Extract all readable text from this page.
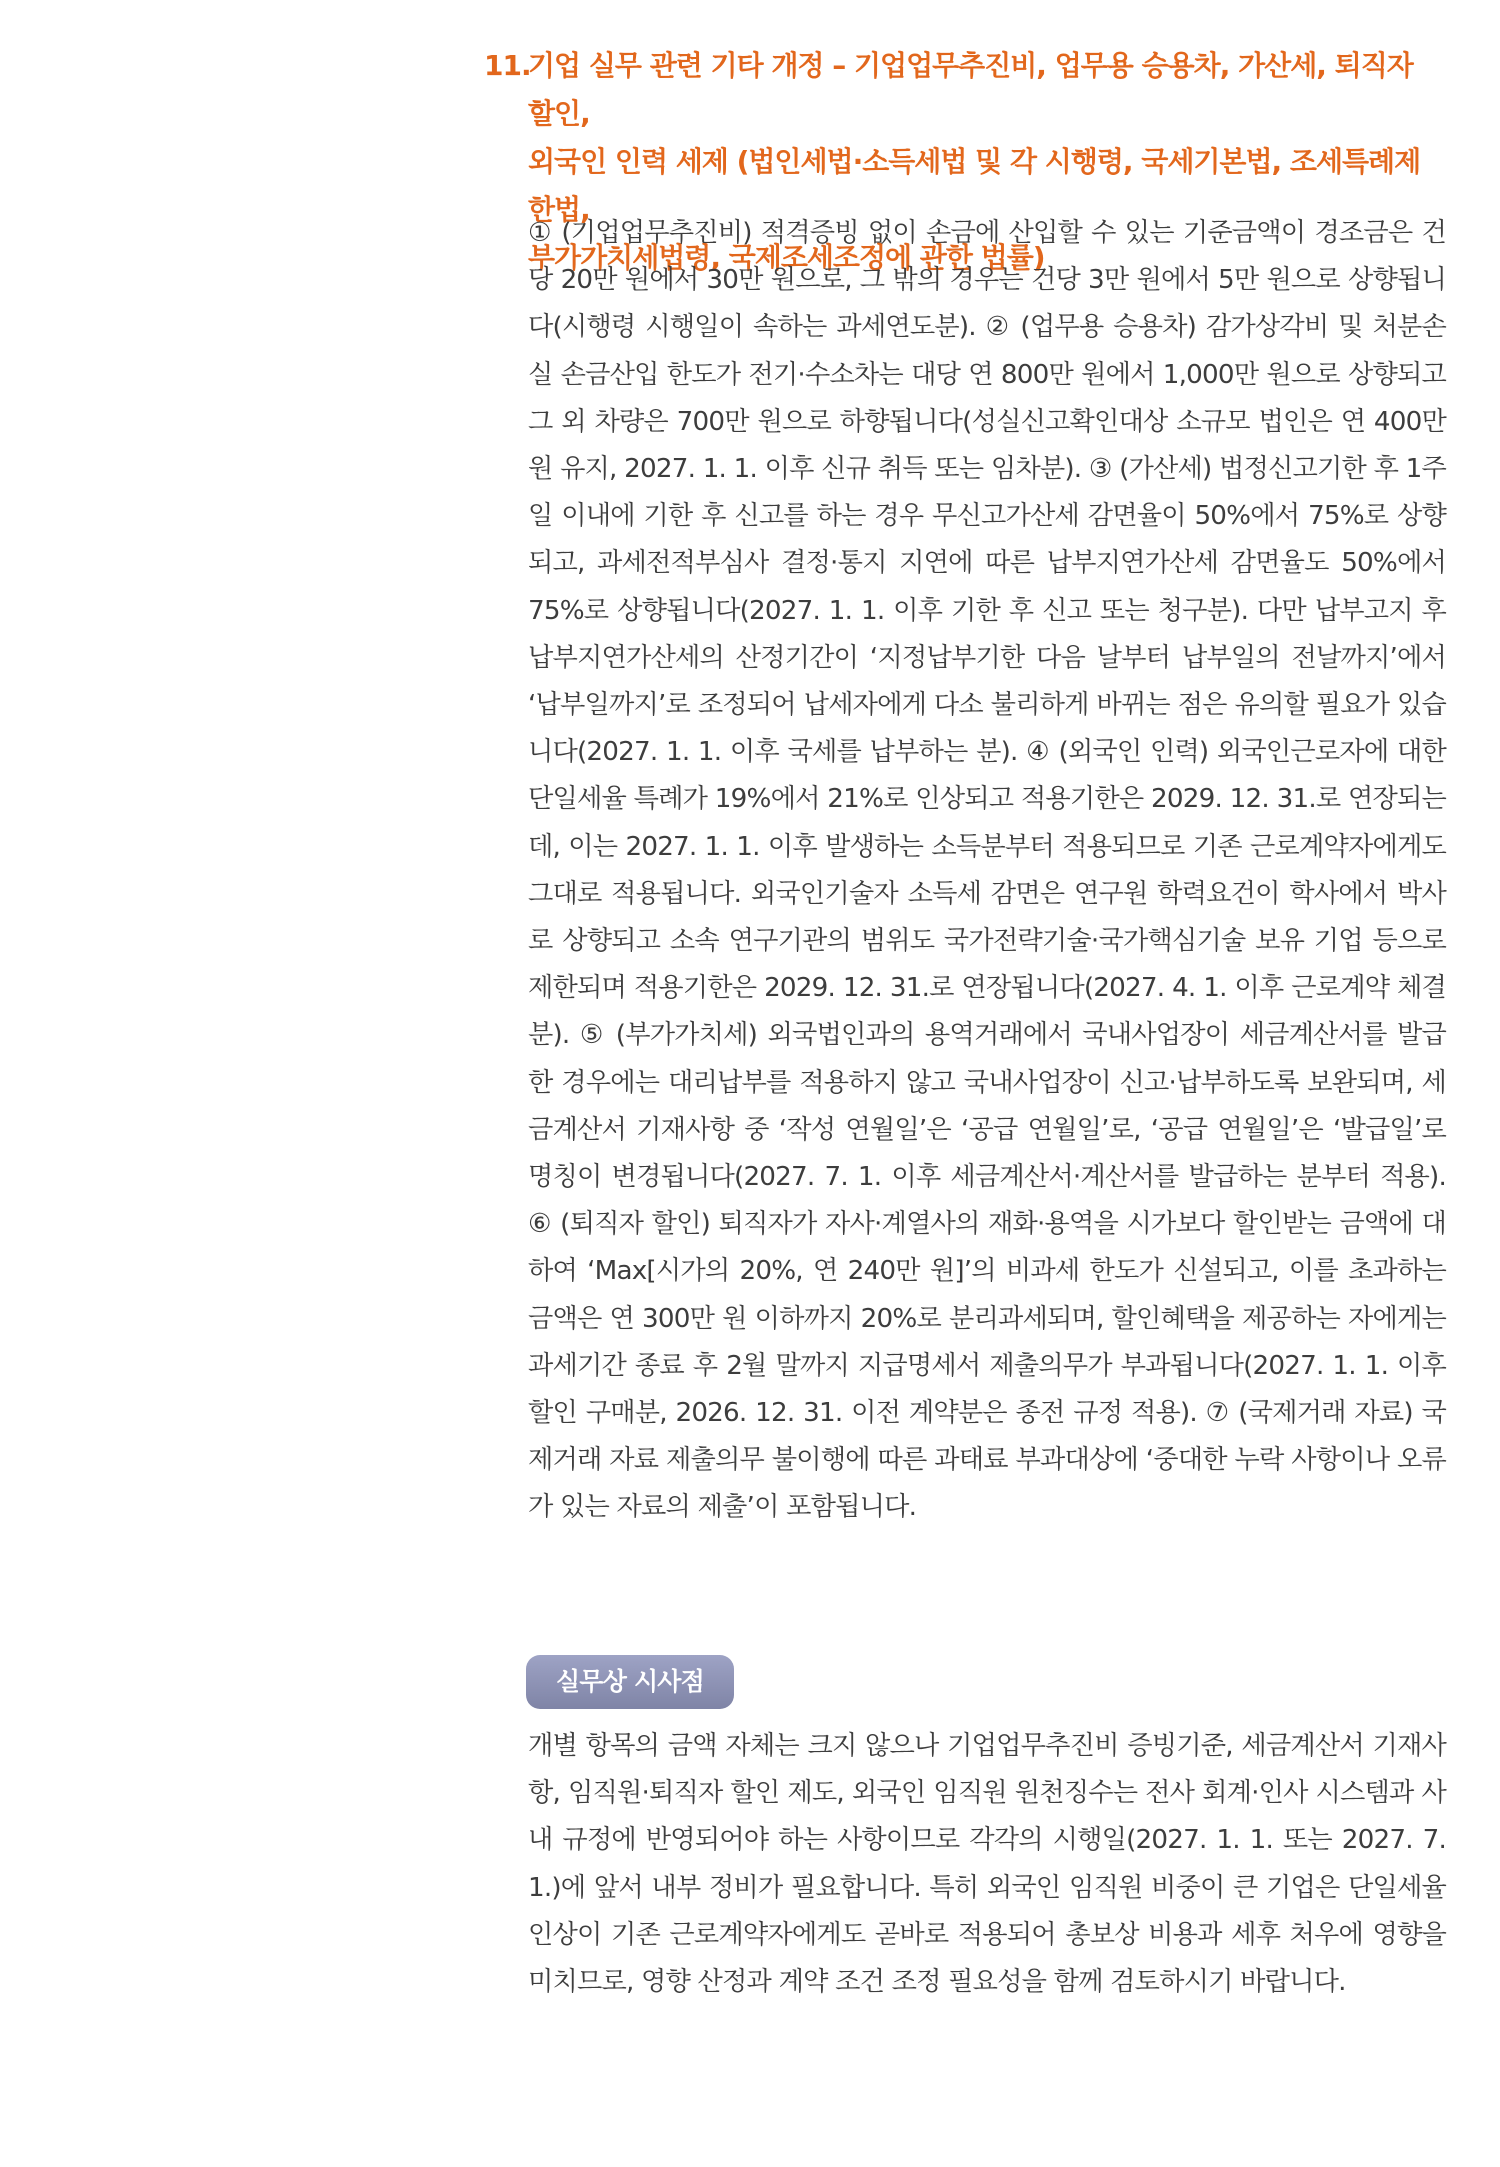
11.
기업 실무 관련 기타 개정 – 기업업무추진비, 업무용 승용차, 가산세, 퇴직자 할인,
외국인 인력 세제 (법인세법·소득세법 및 각 시행령, 국세기본법, 조세특례제한법,
부가가치세법령, 국제조세조정에 관한 법률)

① (기업업무추진비) 적격증빙 없이 손금에 산입할 수 있는 기준금액이 경조금은 건당 20만 원에서 30만 원으로, 그 밖의 경우는 건당 3만 원에서 5만 원으로 상향됩니다(시행령 시행일이 속하는 과세연도분). ② (업무용 승용차) 감가상각비 및 처분손실 손금산입 한도가 전기·수소차는 대당 연 800만 원에서 1,000만 원으로 상향되고 그 외 차량은 700만 원으로 하향됩니다(성실신고확인대상 소규모 법인은 연 400만 원 유지, 2027. 1. 1. 이후 신규 취득 또는 임차분). ③ (가산세) 법정신고기한 후 1주일 이내에 기한 후 신고를 하는 경우 무신고가산세 감면율이 50%에서 75%로 상향되고, 과세전적부심사 결정·통지 지연에 따른 납부지연가산세 감면율도 50%에서 75%로 상향됩니다(2027. 1. 1. 이후 기한 후 신고 또는 청구분). 다만 납부고지 후 납부지연가산세의 산정기간이 ‘지정납부기한 다음 날부터 납부일의 전날까지’에서 ‘납부일까지’로 조정되어 납세자에게 다소 불리하게 바뀌는 점은 유의할 필요가 있습니다(2027. 1. 1. 이후 국세를 납부하는 분). ④ (외국인 인력) 외국인근로자에 대한 단일세율 특례가 19%에서 21%로 인상되고 적용기한은 2029. 12. 31.로 연장되는데, 이는 2027. 1. 1. 이후 발생하는 소득분부터 적용되므로 기존 근로계약자에게도 그대로 적용됩니다. 외국인기술자 소득세 감면은 연구원 학력요건이 학사에서 박사로 상향되고 소속 연구기관의 범위도 국가전략기술·국가핵심기술 보유 기업 등으로 제한되며 적용기한은 2029. 12. 31.로 연장됩니다(2027. 4. 1. 이후 근로계약 체결분). ⑤ (부가가치세) 외국법인과의 용역거래에서 국내사업장이 세금계산서를 발급한 경우에는 대리납부를 적용하지 않고 국내사업장이 신고·납부하도록 보완되며, 세금계산서 기재사항 중 ‘작성 연월일’은 ‘공급 연월일’로, ‘공급 연월일’은 ‘발급일’로 명칭이 변경됩니다(2027. 7. 1. 이후 세금계산서·계산서를 발급하는 분부터 적용). ⑥ (퇴직자 할인) 퇴직자가 자사·계열사의 재화·용역을 시가보다 할인받는 금액에 대하여 ‘Max[시가의 20%, 연 240만 원]’의 비과세 한도가 신설되고, 이를 초과하는 금액은 연 300만 원 이하까지 20%로 분리과세되며, 할인혜택을 제공하는 자에게는 과세기간 종료 후 2월 말까지 지급명세서 제출의무가 부과됩니다(2027. 1. 1. 이후 할인 구매분, 2026. 12. 31. 이전 계약분은 종전 규정 적용). ⑦ (국제거래 자료) 국제거래 자료 제출의무 불이행에 따른 과태료 부과대상에 ‘중대한 누락 사항이나 오류가 있는 자료의 제출’이 포함됩니다.

실무상 시사점

개별 항목의 금액 자체는 크지 않으나 기업업무추진비 증빙기준, 세금계산서 기재사항, 임직원·퇴직자 할인 제도, 외국인 임직원 원천징수는 전사 회계·인사 시스템과 사내 규정에 반영되어야 하는 사항이므로 각각의 시행일(2027. 1. 1. 또는 2027. 7. 1.)에 앞서 내부 정비가 필요합니다. 특히 외국인 임직원 비중이 큰 기업은 단일세율 인상이 기존 근로계약자에게도 곧바로 적용되어 총보상 비용과 세후 처우에 영향을 미치므로, 영향 산정과 계약 조건 조정 필요성을 함께 검토하시기 바랍니다.
